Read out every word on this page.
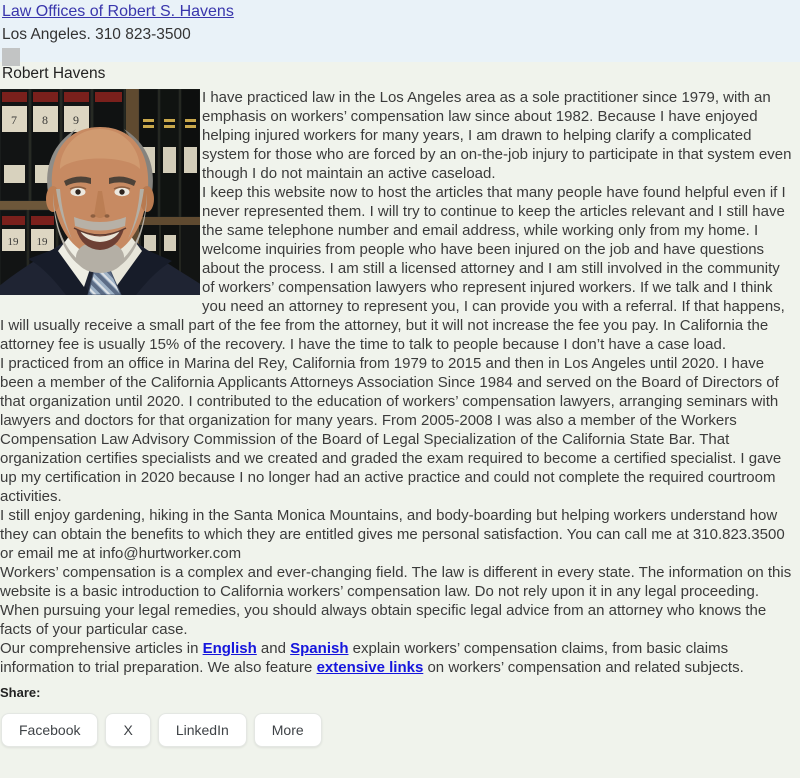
Law Offices of Robert S. Havens
Los Angeles. 310 823-3500
Robert Havens
7 8 9
19 19

I have practiced law in the Los Angeles area as a sole practitioner since 1979, with an emphasis on workers’ compensation law since about 1982. Because I have enjoyed helping injured workers for many years, I am drawn to helping clarify a complicated system for those who are forced by an on-the-job injury to participate in that system even though I do not maintain an active caseload.

I keep this website now to host the articles that many people have found helpful even if I never represented them. I will try to continue to keep the articles relevant and I still have the same telephone number and email address, while working only from my home. I welcome inquiries from people who have been injured on the job and have questions about the process. I am still a licensed attorney and I am still involved in the community of workers’ compensation lawyers who represent injured workers. If we talk and I think you need an attorney to represent you, I can provide you with a referral. If that happens, I will usually receive a small part of the fee from the attorney, but it will not increase the fee you pay. In California the attorney fee is usually 15% of the recovery. I have the time to talk to people because I don’t have a case load.

I practiced from an office in Marina del Rey, California from 1979 to 2015 and then in Los Angeles until 2020. I have been a member of the California Applicants Attorneys Association Since 1984 and served on the Board of Directors of that organization until 2020. I contributed to the education of workers’ compensation lawyers, arranging seminars with lawyers and doctors for that organization for many years. From 2005-2008 I was also a member of the Workers Compensation Law Advisory Commission of the Board of Legal Specialization of the California State Bar. That organization certifies specialists and we created and graded the exam required to become a certified specialist. I gave up my certification in 2020 because I no longer had an active practice and could not complete the required courtroom activities.

I still enjoy gardening, hiking in the Santa Monica Mountains, and body-boarding but helping workers understand how they can obtain the benefits to which they are entitled gives me personal satisfaction. You can call me at 310.823.3500 or email me at info@hurtworker.com

Workers’ compensation is a complex and ever-changing field. The law is different in every state. The information on this website is a basic introduction to California workers’ compensation law. Do not rely upon it in any legal proceeding. When pursuing your legal remedies, you should always obtain specific legal advice from an attorney who knows the facts of your particular case.

Our comprehensive articles in English and Spanish explain workers’ compensation claims, from basic claims information to trial preparation. We also feature extensive links on workers’ compensation and related subjects.

Share:
Facebook	X	LinkedIn	More
